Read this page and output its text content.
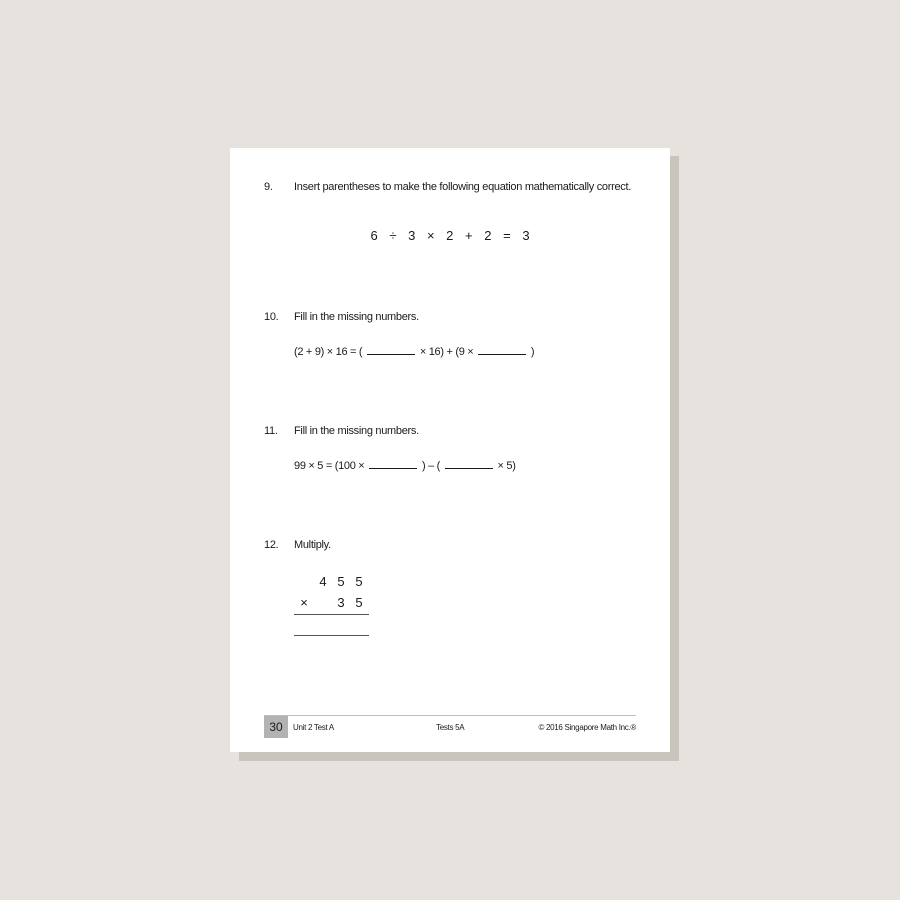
9.	Insert parentheses to make the following equation mathematically correct.
6 ÷ 3 × 2 + 2 = 3
10.	Fill in the missing numbers.
(2 + 9) × 16 = (	× 16) + (9 ×	)
11.	Fill in the missing numbers.
99 × 5 = (100 ×	) – (	× 5)
12.	Multiply.
4 5 5
×	3 5
30	Unit 2 Test A	Tests 5A	© 2016 Singapore Math Inc.®
